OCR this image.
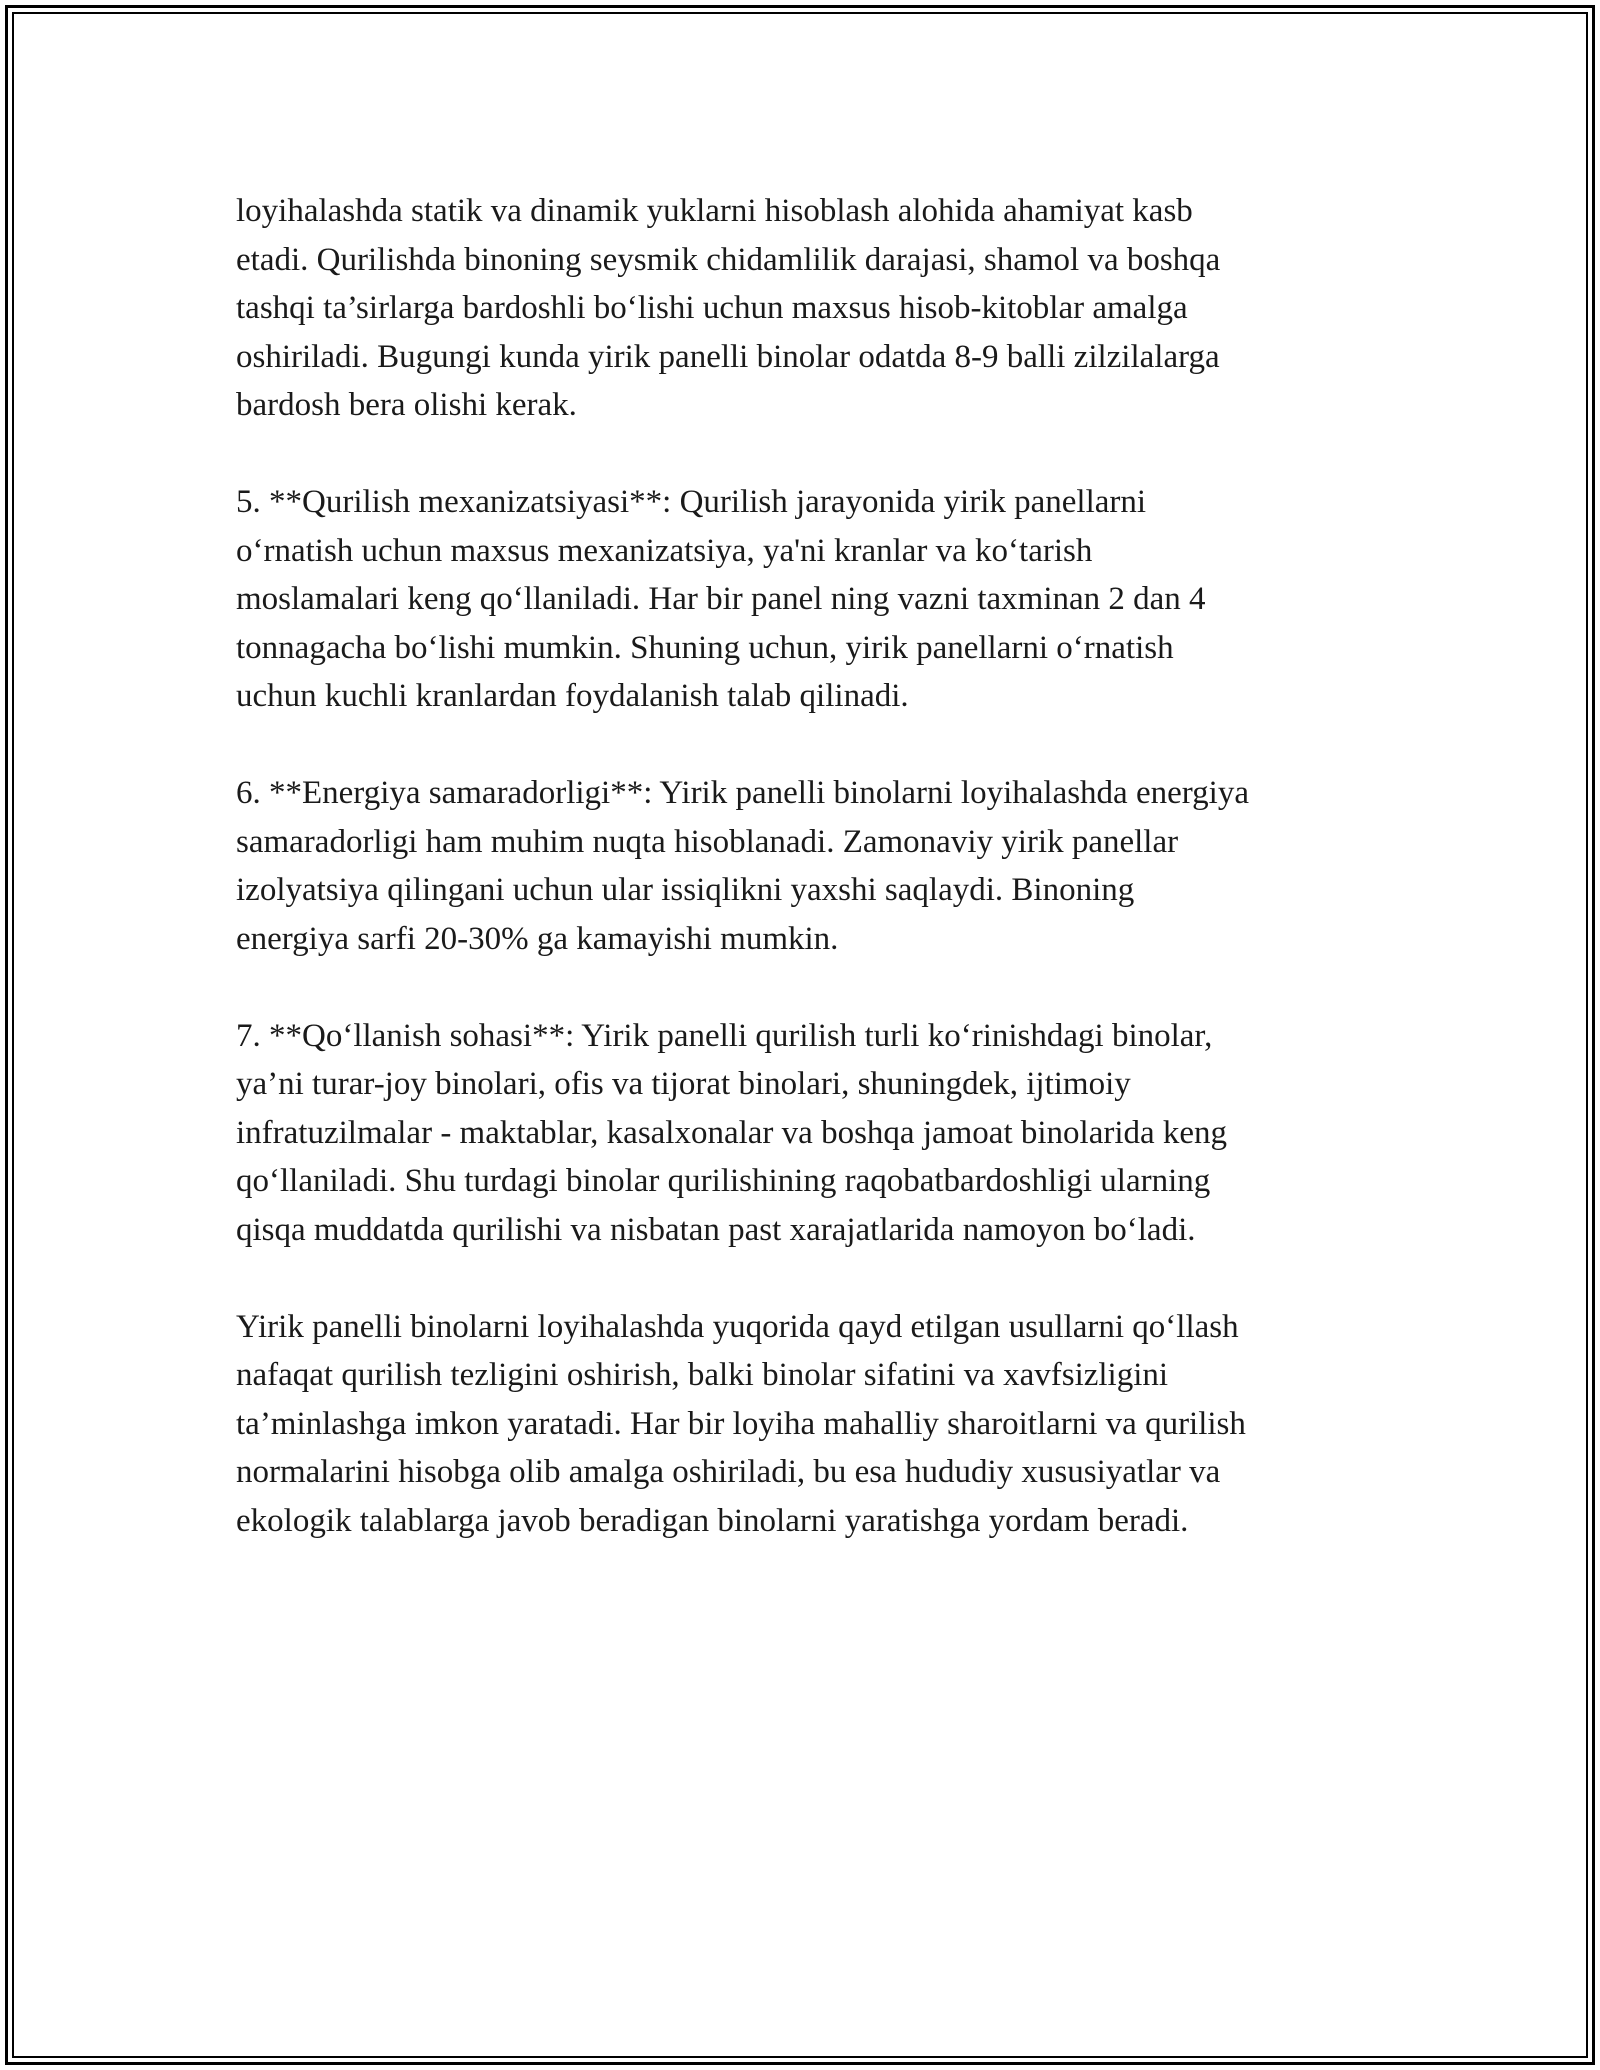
loyihalashda statik va dinamik yuklarni hisoblash alohida ahamiyat kasb
etadi. Qurilishda binoning seysmik chidamlilik darajasi, shamol va boshqa
tashqi ta’sirlarga bardoshli bo‘lishi uchun maxsus hisob-kitoblar amalga
oshiriladi. Bugungi kunda yirik panelli binolar odatda 8-9 balli zilzilalarga
bardosh bera olishi kerak.

5. **Qurilish mexanizatsiyasi**: Qurilish jarayonida yirik panellarni
o‘rnatish uchun maxsus mexanizatsiya, ya'ni kranlar va ko‘tarish
moslamalari keng qo‘llaniladi. Har bir panel ning vazni taxminan 2 dan 4
tonnagacha bo‘lishi mumkin. Shuning uchun, yirik panellarni o‘rnatish
uchun kuchli kranlardan foydalanish talab qilinadi.

6. **Energiya samaradorligi**: Yirik panelli binolarni loyihalashda energiya
samaradorligi ham muhim nuqta hisoblanadi. Zamonaviy yirik panellar
izolyatsiya qilingani uchun ular issiqlikni yaxshi saqlaydi. Binoning
energiya sarfi 20-30% ga kamayishi mumkin.

7. **Qo‘llanish sohasi**: Yirik panelli qurilish turli ko‘rinishdagi binolar,
ya’ni turar-joy binolari, ofis va tijorat binolari, shuningdek, ijtimoiy
infratuzilmalar - maktablar, kasalxonalar va boshqa jamoat binolarida keng
qo‘llaniladi. Shu turdagi binolar qurilishining raqobatbardoshligi ularning
qisqa muddatda qurilishi va nisbatan past xarajatlarida namoyon bo‘ladi.

Yirik panelli binolarni loyihalashda yuqorida qayd etilgan usullarni qo‘llash
nafaqat qurilish tezligini oshirish, balki binolar sifatini va xavfsizligini
ta’minlashga imkon yaratadi. Har bir loyiha mahalliy sharoitlarni va qurilish
normalarini hisobga olib amalga oshiriladi, bu esa hududiy xususiyatlar va
ekologik talablarga javob beradigan binolarni yaratishga yordam beradi.
